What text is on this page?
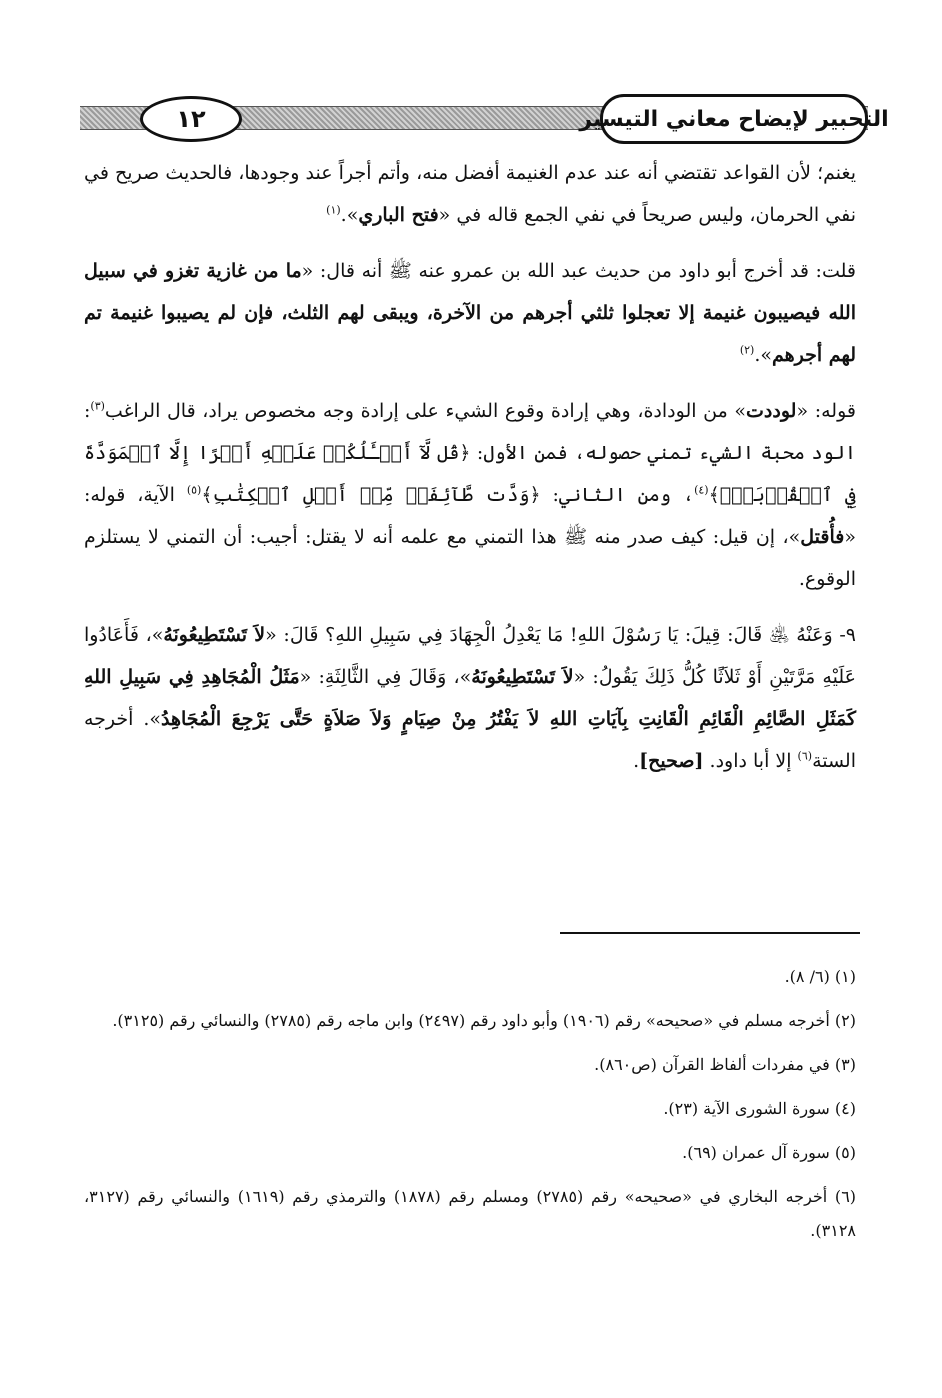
التحبير لإيضاح معاني التيسير
١٢

يغنم؛ لأن القواعد تقتضي أنه عند عدم الغنيمة أفضل منه، وأتم أجراً عند وجودها، فالحديث صريح في نفي الحرمان، وليس صريحاً في نفي الجمع قاله في «فتح الباري».$^{(١)}$

قلت: قد أخرج أبو داود من حديث عبد الله بن عمرو عنه ﷺ أنه قال: «ما من غازية تغزو في سبيل الله فيصيبون غنيمة إلا تعجلوا ثلثي أجرهم من الآخرة، ويبقى لهم الثلث، فإن لم يصيبوا غنيمة تم لهم أجرهم».$^{(٢)}$

قوله: «لوددت» من الودادة، وهي إرادة وقوع الشيء على إرادة وجه مخصوص يراد، قال الراغب$^{(٣)}$: الود محبة الشيء تمني حصوله، فمن الأول: ﴿قُل لَّآ أَسۡـَٔلُكُمۡ عَلَيۡهِ أَجۡرًا إِلَّا ٱلۡمَوَدَّةَ فِي ٱلۡقُرۡبَىٰۗ﴾$^{(٤)}$، ومن الثاني: ﴿وَدَّت طَّآئِفَةٞ مِّنۡ أَهۡلِ ٱلۡكِتَٰبِ﴾$^{(٥)}$ الآية، قوله: «فأُقتل»، إن قيل: كيف صدر منه ﷺ هذا التمني مع علمه أنه لا يقتل: أجيب: أن التمني لا يستلزم الوقوع.

٩- وَعَنْهُ ﵁ قَالَ: قِيلَ: يَا رَسُوْلَ اللهِ! مَا يَعْدِلُ الْجِهَادَ فِي سَبِيلِ اللهِ؟ قَالَ: «لاَ تَسْتَطِيعُونَهُ»، فَأَعَادُوا عَلَيْهِ مَرَّتَيْنِ أَوْ ثَلاَثًا كُلُّ ذَلِكَ يَقُولُ: «لاَ تَسْتَطِيعُونَهُ»، وَقَالَ فِي الثَّالِثَةِ: «مَثَلُ الْمُجَاهِدِ فِي سَبِيلِ اللهِ كَمَثَلِ الصَّائِمِ الْقَائِمِ الْقَانِتِ بِآيَاتِ اللهِ لاَ يَفْتُرُ مِنْ صِيَامٍ وَلاَ صَلاَةٍ حَتَّى يَرْجِعَ الْمُجَاهِدُ». أخرجه الستة$^{(٦)}$ إلا أبا داود. [صحيح].

(١) (٦/ ٨).

(٢) أخرجه مسلم في «صحيحه» رقم (١٩٠٦) وأبو داود رقم (٢٤٩٧) وابن ماجه رقم (٢٧٨٥) والنسائي رقم (٣١٢٥).

(٣) في مفردات ألفاظ القرآن (ص٨٦٠).

(٤) سورة الشورى الآية (٢٣).

(٥) سورة آل عمران (٦٩).

(٦) أخرجه البخاري في «صحيحه» رقم (٢٧٨٥) ومسلم رقم (١٨٧٨) والترمذي رقم (١٦١٩) والنسائي رقم (٣١٢٧، ٣١٢٨).
